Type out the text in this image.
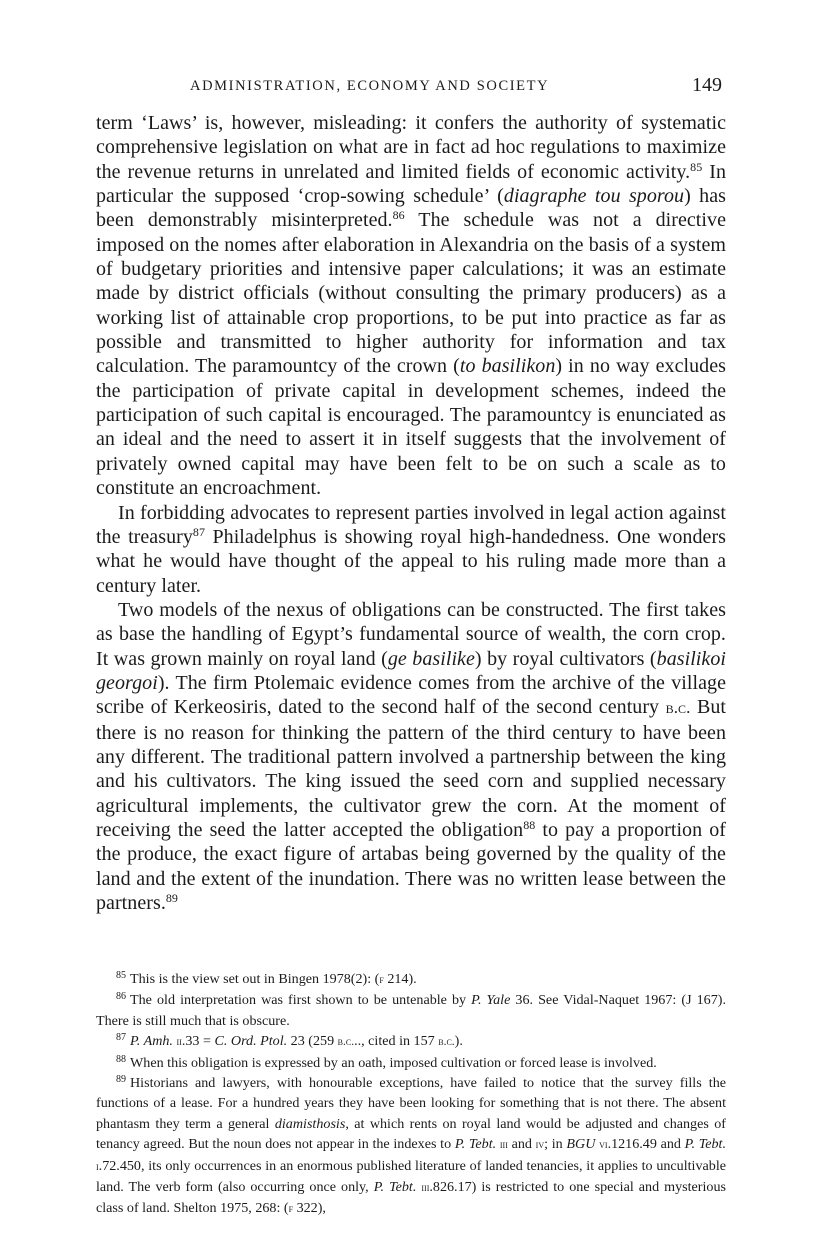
ADMINISTRATION, ECONOMY AND SOCIETY	149

term ‘Laws’ is, however, misleading: it confers the authority of systematic comprehensive legislation on what are in fact ad hoc regulations to maximize the revenue returns in unrelated and limited fields of economic activity.$^{85}$ In particular the supposed ‘crop-sowing schedule’ (diagraphe tou sporou) has been demonstrably misinterpreted.$^{86}$ The schedule was not a directive imposed on the nomes after elaboration in Alexandria on the basis of a system of budgetary priorities and intensive paper calculations; it was an estimate made by district officials (without consulting the primary producers) as a working list of attainable crop proportions, to be put into practice as far as possible and transmitted to higher authority for information and tax calculation. The paramountcy of the crown (to basilikon) in no way excludes the participation of private capital in development schemes, indeed the participation of such capital is encouraged. The paramountcy is enunciated as an ideal and the need to assert it in itself suggests that the involvement of privately owned capital may have been felt to be on such a scale as to constitute an encroachment.

In forbidding advocates to represent parties involved in legal action against the treasury$^{87}$ Philadelphus is showing royal high-handedness. One wonders what he would have thought of the appeal to his ruling made more than a century later.

Two models of the nexus of obligations can be constructed. The first takes as base the handling of Egypt’s fundamental source of wealth, the corn crop. It was grown mainly on royal land (ge basilike) by royal cultivators (basilikoi georgoi). The firm Ptolemaic evidence comes from the archive of the village scribe of Kerkeosiris, dated to the second half of the second century b.c. But there is no reason for thinking the pattern of the third century to have been any different. The traditional pattern involved a partnership between the king and his cultivators. The king issued the seed corn and supplied necessary agricultural implements, the cultivator grew the corn. At the moment of receiving the seed the latter accepted the obligation$^{88}$ to pay a proportion of the produce, the exact figure of artabas being governed by the quality of the land and the extent of the inundation. There was no written lease between the partners.$^{89}$

$^{85}$ This is the view set out in Bingen 1978(2): (f 214).

$^{86}$ The old interpretation was first shown to be untenable by P. Yale 36. See Vidal-Naquet 1967: (J 167). There is still much that is obscure.

$^{87}$ P. Amh. ii.33 = C. Ord. Ptol. 23 (259 b.c..., cited in 157 b.c.).

$^{88}$ When this obligation is expressed by an oath, imposed cultivation or forced lease is involved.

$^{89}$ Historians and lawyers, with honourable exceptions, have failed to notice that the survey fills the functions of a lease. For a hundred years they have been looking for something that is not there. The absent phantasm they term a general diamisthosis, at which rents on royal land would be adjusted and changes of tenancy agreed. But the noun does not appear in the indexes to P. Tebt. iii and iv; in BGU vi.1216.49 and P. Tebt. i.72.450, its only occurrences in an enormous published literature of landed tenancies, it applies to uncultivable land. The verb form (also occurring once only, P. Tebt. iii.826.17) is restricted to one special and mysterious class of land. Shelton 1975, 268: (f 322),
